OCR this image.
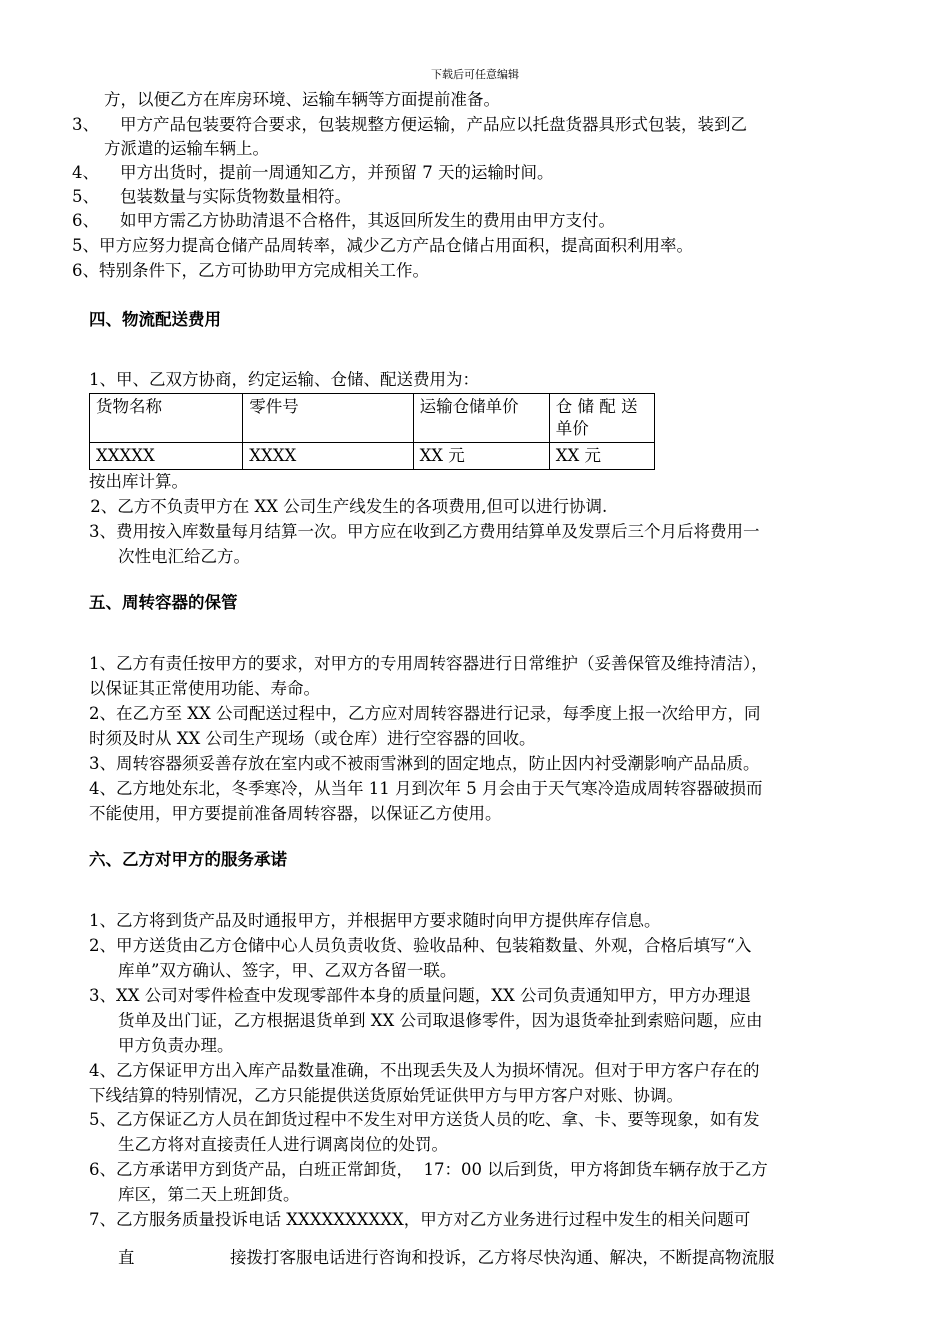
下载后可任意编辑
方，以便乙方在库房环境、运输车辆等方面提前准备。
3、 甲方产品包装要符合要求，包装规整方便运输，产品应以托盘货器具形式包装，装到乙
方派遣的运输车辆上。
4、 甲方出货时，提前一周通知乙方，并预留 7 天的运输时间。
5、 包装数量与实际货物数量相符。
6、 如甲方需乙方协助清退不合格件，其返回所发生的费用由甲方支付。
5、甲方应努力提高仓储产品周转率，减少乙方产品仓储占用面积，提高面积利用率。
6、特别条件下，乙方可协助甲方完成相关工作。
四、物流配送费用
1、甲、乙双方协商，约定运输、仓储、配送费用为：
货物名称	零件号	运输仓储单价	仓 储 配 送 单价
XXXXX	XXXX	XX 元	XX 元
按出库计算。
2、乙方不负责甲方在 XX 公司生产线发生的各项费用,但可以进行协调.
3、费用按入库数量每月结算一次。甲方应在收到乙方费用结算单及发票后三个月后将费用一
次性电汇给乙方。
五、周转容器的保管
1、乙方有责任按甲方的要求，对甲方的专用周转容器进行日常维护（妥善保管及维持清洁），
以保证其正常使用功能、寿命。
2、在乙方至 XX 公司配送过程中，乙方应对周转容器进行记录，每季度上报一次给甲方，同
时须及时从 XX 公司生产现场（或仓库）进行空容器的回收。
3、周转容器须妥善存放在室内或不被雨雪淋到的固定地点，防止因内衬受潮影响产品品质。
4、乙方地处东北，冬季寒冷，从当年 11 月到次年 5 月会由于天气寒冷造成周转容器破损而
不能使用，甲方要提前准备周转容器，以保证乙方使用。
六、乙方对甲方的服务承诺
1、乙方将到货产品及时通报甲方，并根据甲方要求随时向甲方提供库存信息。
2、甲方送货由乙方仓储中心人员负责收货、验收品种、包装箱数量、外观，合格后填写“入
库单”双方确认、签字，甲、乙双方各留一联。
3、XX 公司对零件检查中发现零部件本身的质量问题，XX 公司负责通知甲方，甲方办理退
货单及出门证，乙方根据退货单到 XX 公司取退修零件，因为退货牵扯到索赔问题，应由
甲方负责办理。
4、乙方保证甲方出入库产品数量准确，不出现丢失及人为损坏情况。但对于甲方客户存在的
下线结算的特别情况，乙方只能提供送货原始凭证供甲方与甲方客户对账、协调。
5、乙方保证乙方人员在卸货过程中不发生对甲方送货人员的吃、拿、卡、要等现象，如有发
生乙方将对直接责任人进行调离岗位的处罚。
6、乙方承诺甲方到货产品，白班正常卸货，  17：00 以后到货，甲方将卸货车辆存放于乙方
库区，第二天上班卸货。
7、乙方服务质量投诉电话 XXXXXXXXXX，甲方对乙方业务进行过程中发生的相关问题可
直	接拨打客服电话进行咨询和投诉，乙方将尽快沟通、解决，不断提高物流服
